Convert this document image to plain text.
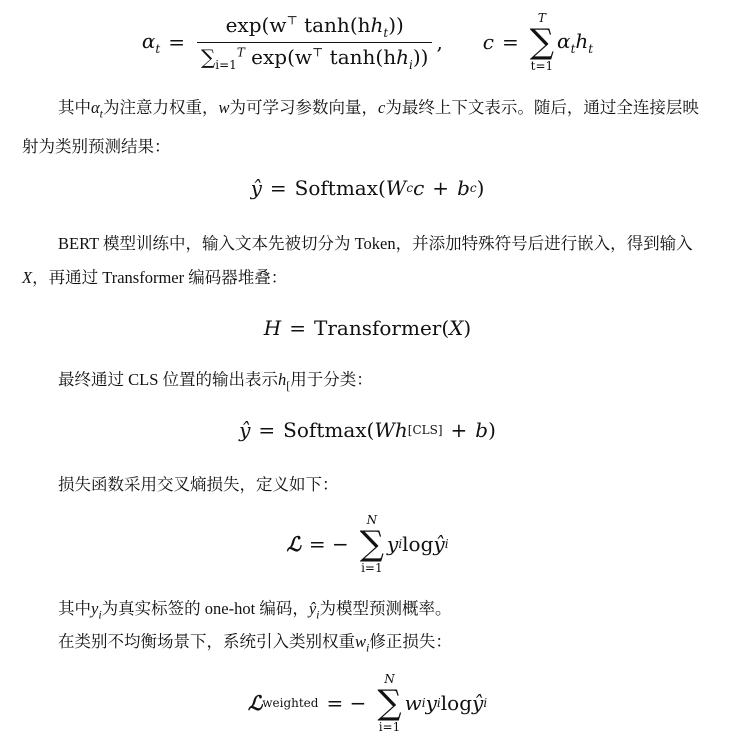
$\alpha_t = \frac{\exp(w^⊤ \tanh(hh_t))}{\sum_{i=1}^T \exp(w^⊤ \tanh(hh_i))}$ , c =
T
∑
t=1
$\alpha_th_t$
其中$\alpha_t$为注意力权重，w为可学习参数向量，c为最终上下文表示。随后，通过全连接层映射为类别预测结果：
ŷ = Softmax( W c c + b c )
BERT 模型训练中，输入文本先被切分为 Token，并添加特殊符号后进行嵌入，得到输入X，再通过 Transformer 编码器堆叠：
H = Transformer( X )
最终通过 CLS 位置的输出表示$h_[$用于分类：
ŷ = Softmax( W h [CLS] + b )
损失函数采用交叉熵损失，定义如下：
ℒ = −
N
∑
i=1
y i log ŷ i
其中$y_i$为真实标签的 one-hot 编码，$ŷ_i$为模型预测概率。
在类别不均衡场景下，系统引入类别权重$w_i$修正损失：
ℒ weighted = −
N
∑
i=1
w i y i log ŷ i
